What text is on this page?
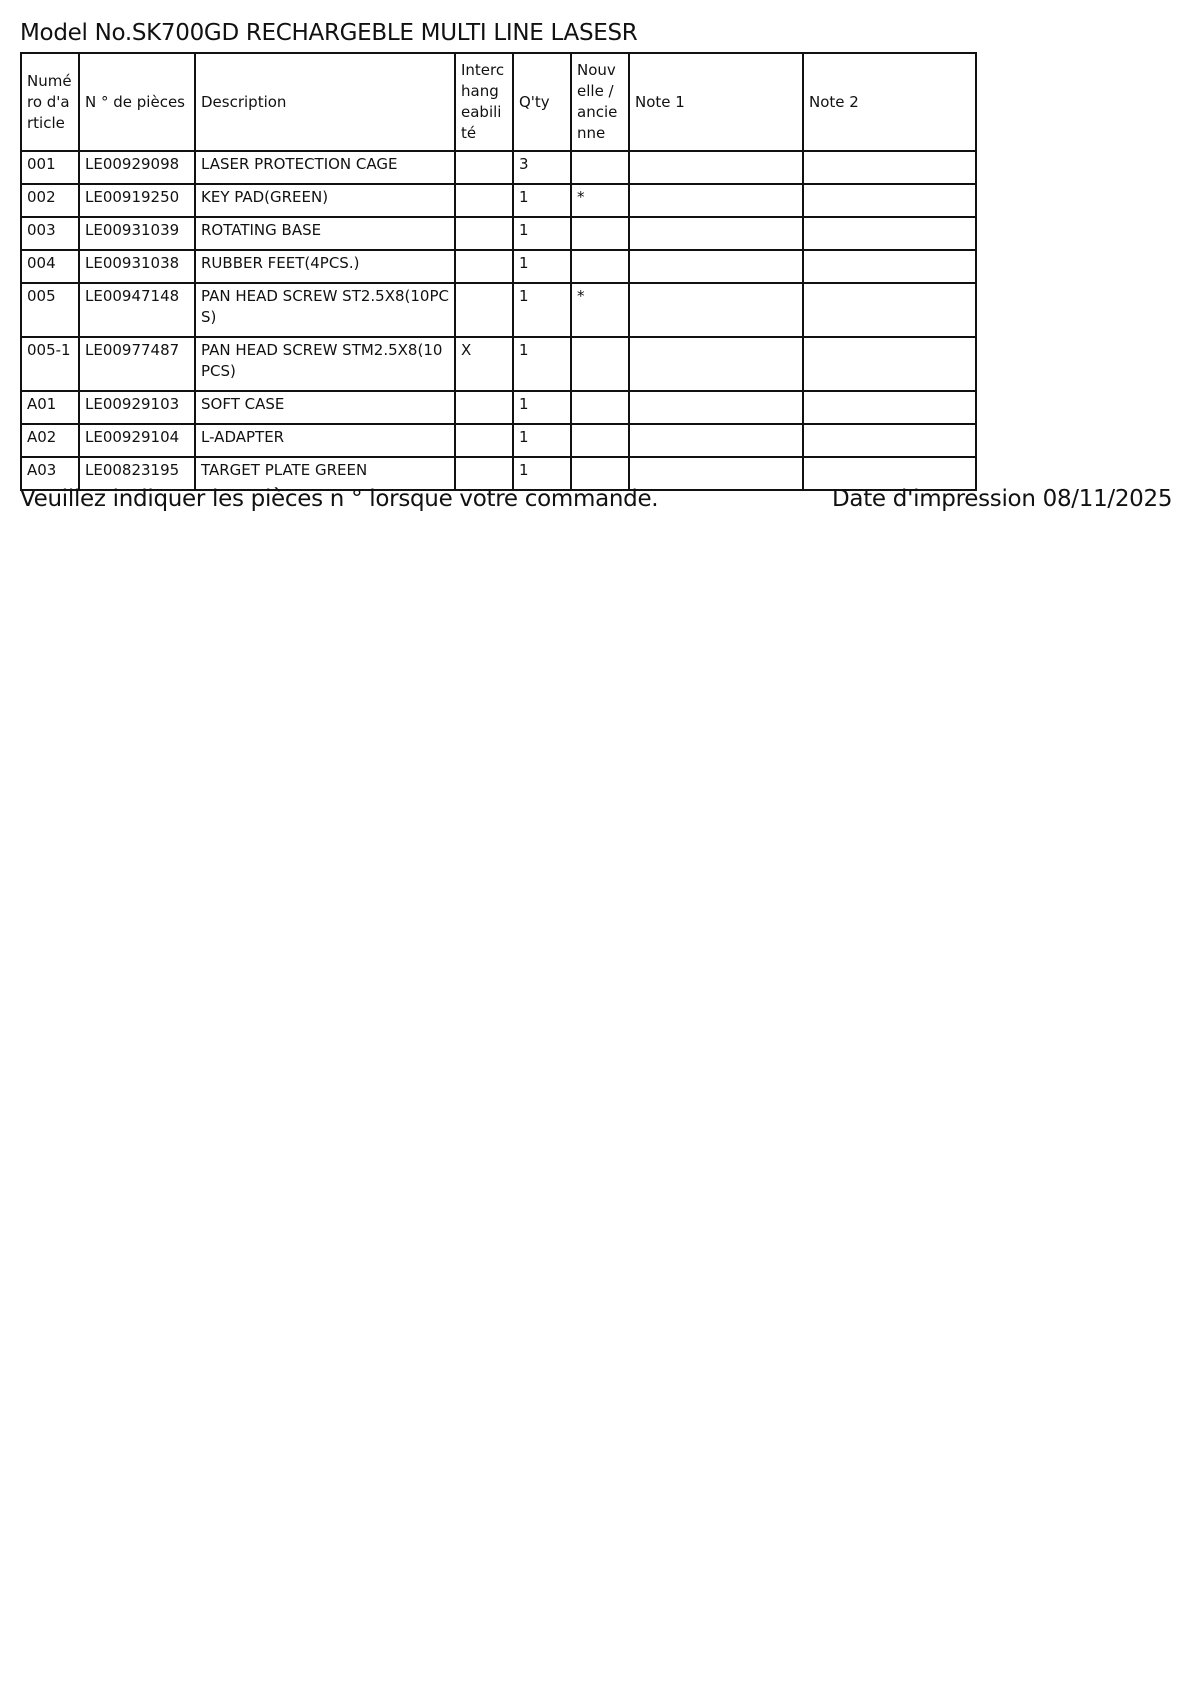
Model No.SK700GD RECHARGEBLE MULTI LINE LASESR
Numéro d'article	N ° de pièces	Description	Interchangeabilité	Q'ty	Nouvelle / ancienne	Note 1	Note 2
001	LE00929098	LASER PROTECTION CAGE		3			
002	LE00919250	KEY PAD(GREEN)		1	*		
003	LE00931039	ROTATING BASE		1			
004	LE00931038	RUBBER FEET(4PCS.)		1			
005	LE00947148	PAN HEAD SCREW ST2.5X8(10PCS)		1	*		
005-1	LE00977487	PAN HEAD SCREW STM2.5X8(10PCS)	X	1			
A01	LE00929103	SOFT CASE		1			
A02	LE00929104	L-ADAPTER		1			
A03	LE00823195	TARGET PLATE GREEN		1			
Veuillez indiquer les pièces n ° lorsque votre commande.	Date d'impression 08/11/2025
